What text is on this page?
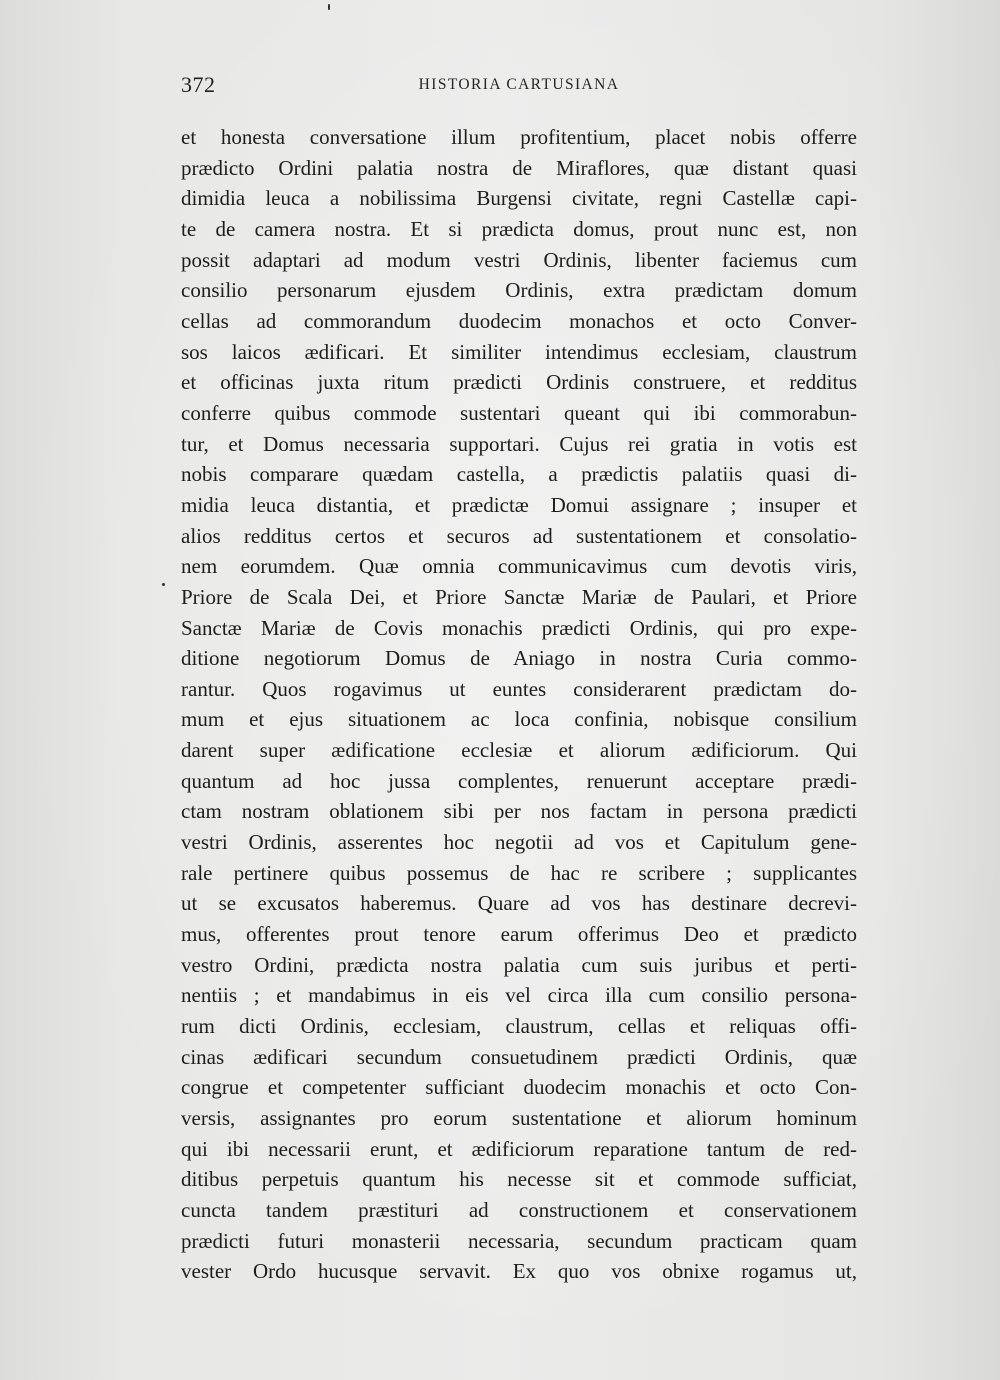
372	HISTORIA CARTUSIANA
et honesta conversatione illum profitentium, placet nobis offerre
prædicto Ordini palatia nostra de Miraflores, quæ distant quasi
dimidia leuca a nobilissima Burgensi civitate, regni Castellæ capi-
te de camera nostra. Et si prædicta domus, prout nunc est, non
possit adaptari ad modum vestri Ordinis, libenter faciemus cum
consilio personarum ejusdem Ordinis, extra prædictam domum
cellas ad commorandum duodecim monachos et octo Conver-
sos laicos ædificari. Et similiter intendimus ecclesiam, claustrum
et officinas juxta ritum prædicti Ordinis construere, et redditus
conferre quibus commode sustentari queant qui ibi commorabun-
tur, et Domus necessaria supportari. Cujus rei gratia in votis est
nobis comparare quædam castella, a prædictis palatiis quasi di-
midia leuca distantia, et prædictæ Domui assignare ; insuper et
alios redditus certos et securos ad sustentationem et consolatio-
nem eorumdem. Quæ omnia communicavimus cum devotis viris,
Priore de Scala Dei, et Priore Sanctæ Mariæ de Paulari, et Priore
Sanctæ Mariæ de Covis monachis prædicti Ordinis, qui pro expe-
ditione negotiorum Domus de Aniago in nostra Curia commo-
rantur. Quos rogavimus ut euntes considerarent prædictam do-
mum et ejus situationem ac loca confinia, nobisque consilium
darent super ædificatione ecclesiæ et aliorum ædificiorum. Qui
quantum ad hoc jussa complentes, renuerunt acceptare prædi-
ctam nostram oblationem sibi per nos factam in persona prædicti
vestri Ordinis, asserentes hoc negotii ad vos et Capitulum gene-
rale pertinere quibus possemus de hac re scribere ; supplicantes
ut se excusatos haberemus. Quare ad vos has destinare decrevi-
mus, offerentes prout tenore earum offerimus Deo et prædicto
vestro Ordini, prædicta nostra palatia cum suis juribus et perti-
nentiis ; et mandabimus in eis vel circa illa cum consilio persona-
rum dicti Ordinis, ecclesiam, claustrum, cellas et reliquas offi-
cinas ædificari secundum consuetudinem prædicti Ordinis, quæ
congrue et competenter sufficiant duodecim monachis et octo Con-
versis, assignantes pro eorum sustentatione et aliorum hominum
qui ibi necessarii erunt, et ædificiorum reparatione tantum de red-
ditibus perpetuis quantum his necesse sit et commode sufficiat,
cuncta tandem præstituri ad constructionem et conservationem
prædicti futuri monasterii necessaria, secundum practicam quam
vester Ordo hucusque servavit. Ex quo vos obnixe rogamus ut,
